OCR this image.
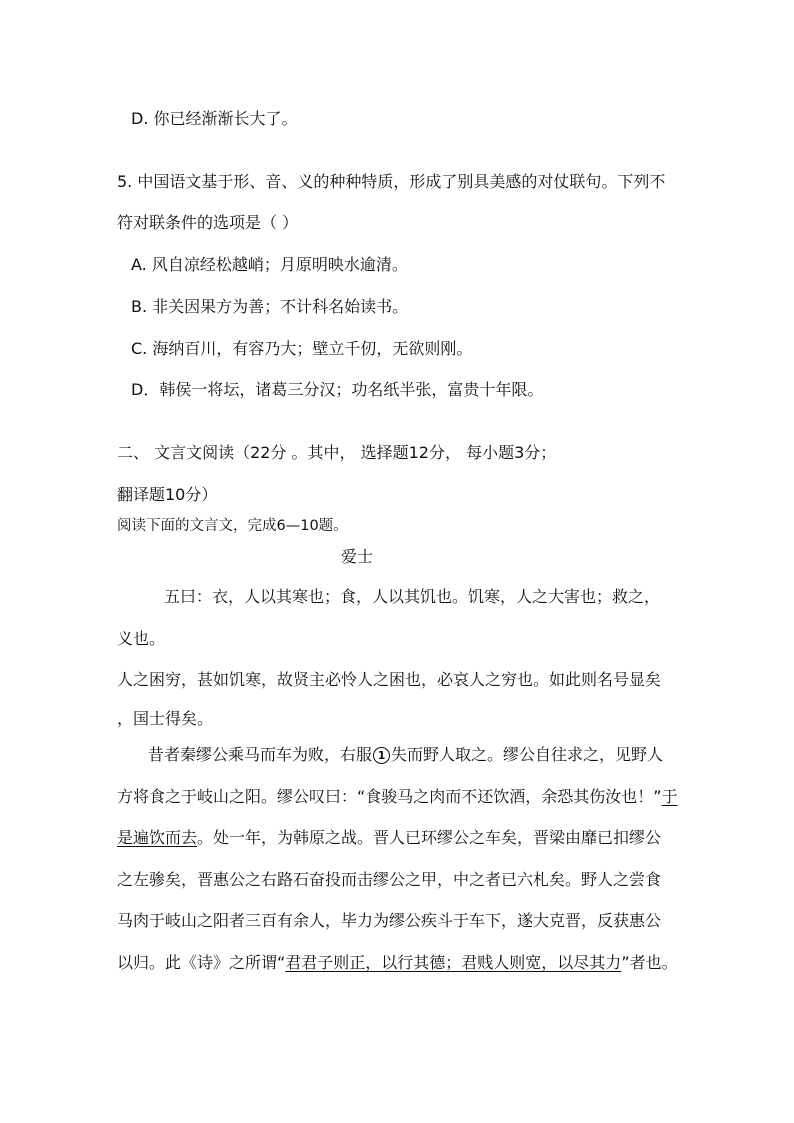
D. 你已经渐渐长大了。
5. 中国语文基于形、音、义的种种特质，形成了别具美感的对仗联句。下列不
符对联条件的选项是（ ）
A. 风自凉经松越峭；月原明映水逾清。
B. 非关因果方为善；不计科名始读书。
C. 海纳百川，有容乃大；壁立千仞，无欲则刚。
D．韩侯一将坛，诸葛三分汉；功名纸半张，富贵十年限。
二、 文言文阅读（22分 。其中， 选择题12分， 每小题3分；
翻译题10分）
阅读下面的文言文，完成6—10题。
爱士
五曰：衣，人以其寒也；食，人以其饥也。饥寒，人之大害也；救之，
义也。
人之困穷，甚如饥寒，故贤主必怜人之困也，必哀人之穷也。如此则名号显矣
，国士得矣。
昔者秦缪公乘马而车为败，右服 1 失而野人取之。缪公自往求之，见野人
方将食之于岐山之阳。缪公叹曰：“食骏马之肉而不还饮酒，余恐其伤汝也！”于
是遍饮而去。处一年，为韩原之战。晋人已环缪公之车矣，晋梁由靡已扣缪公
之左骖矣，晋惠公之右路石奋投而击缪公之甲，中之者已六札矣。野人之尝食
马肉于岐山之阳者三百有余人，毕力为缪公疾斗于车下，遂大克晋，反获惠公
以归。此《诗》之所谓“君君子则正，以行其德；君贱人则宽，以尽其力”者也。
